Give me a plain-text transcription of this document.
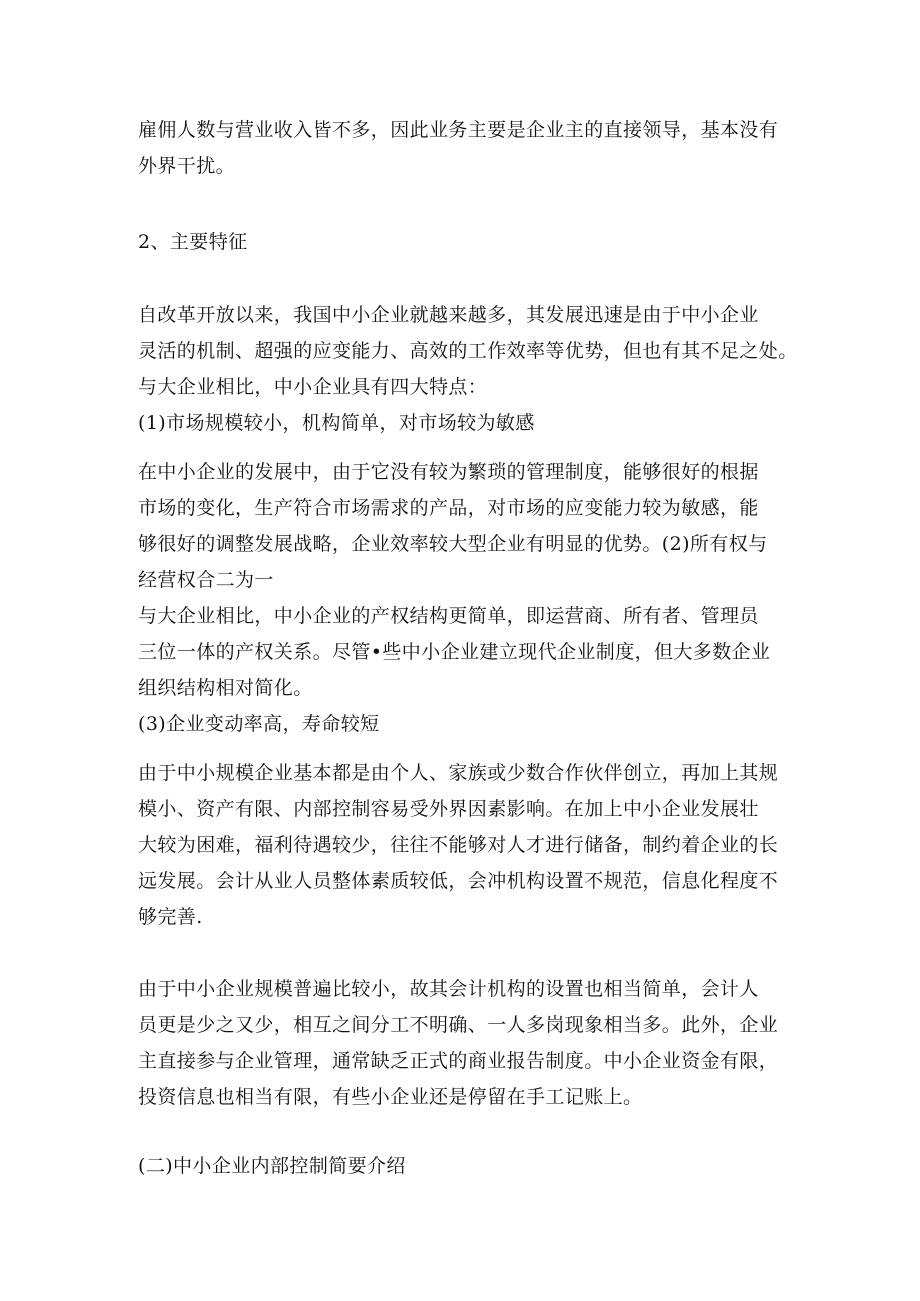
雇佣人数与营业收入皆不多，因此业务主要是企业主的直接领导，基本没有
外界干扰。
2、主要特征
自改革开放以来，我国中小企业就越来越多，其发展迅速是由于中小企业
灵活的机制、超强的应变能力、高效的工作效率等优势，但也有其不足之处。
与大企业相比，中小企业具有四大特点：
(1)市场规模较小，机构简单，对市场较为敏感
在中小企业的发展中，由于它没有较为繁琐的管理制度，能够很好的根据
市场的变化，生产符合市场需求的产品，对市场的应变能力较为敏感，能
够很好的调整发展战略，企业效率较大型企业有明显的优势。(2)所有权与
经营权合二为一
与大企业相比，中小企业的产权结构更简单，即运营商、所有者、管理员
三位一体的产权关系。尽管•些中小企业建立现代企业制度，但大多数企业
组织结构相对简化。
(3)企业变动率高，寿命较短
由于中小规模企业基本都是由个人、家族或少数合作伙伴创立，再加上其规
模小、资产有限、内部控制容易受外界因素影响。在加上中小企业发展壮
大较为困难，福利待遇较少，往往不能够对人才进行储备，制约着企业的长
远发展。会计从业人员整体素质较低，会冲机构设置不规范，信息化程度不
够完善.
由于中小企业规模普遍比较小，故其会计机构的设置也相当简单，会计人
员更是少之又少，相互之间分工不明确、一人多岗现象相当多。此外，企业
主直接参与企业管理，通常缺乏正式的商业报告制度。中小企业资金有限，
投资信息也相当有限，有些小企业还是停留在手工记账上。
(二)中小企业内部控制简要介绍
